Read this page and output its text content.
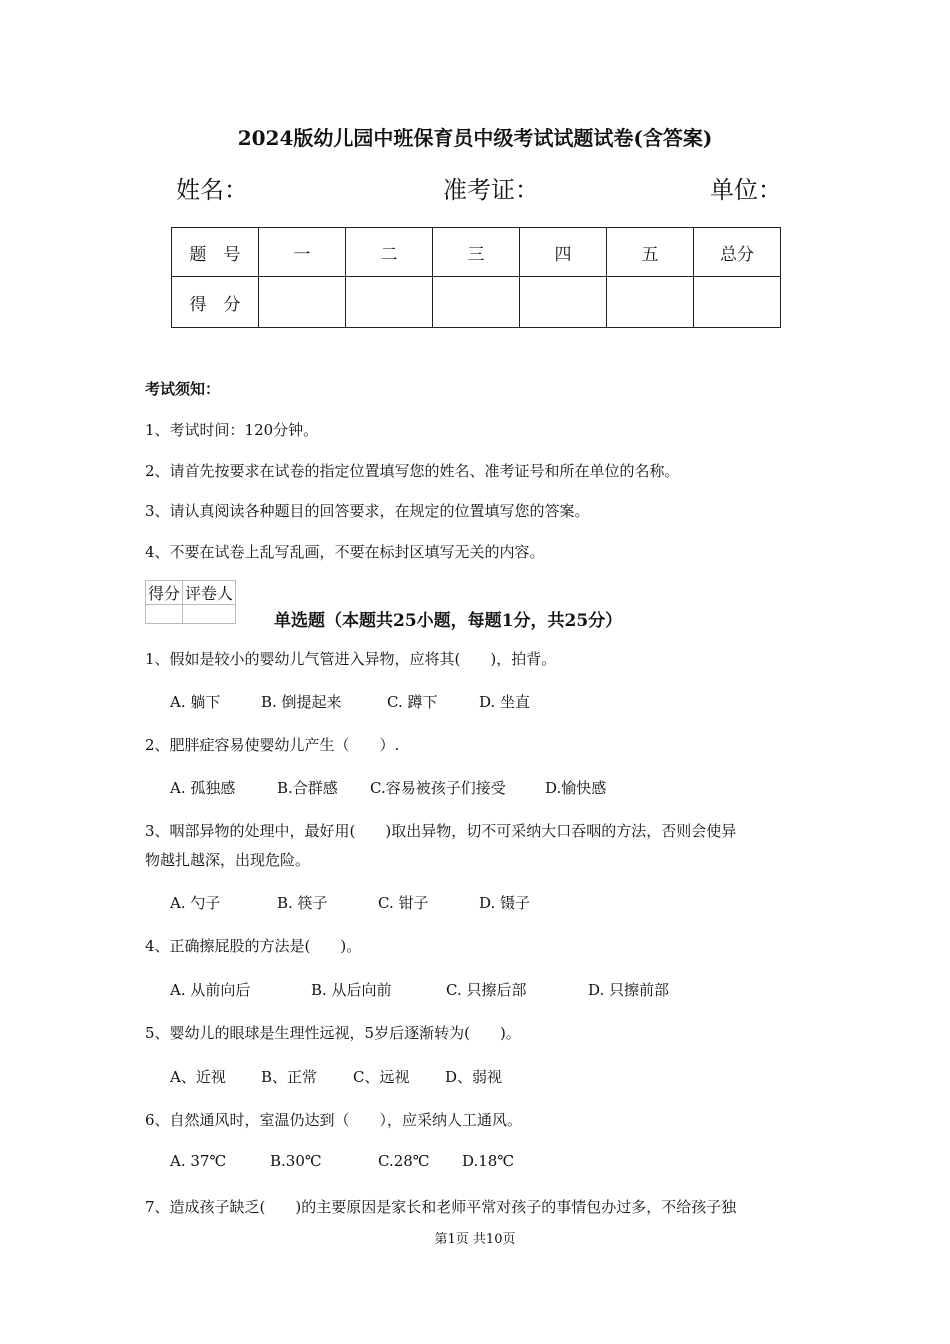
2024版幼儿园中班保育员中级考试试题试卷(含答案)
姓名：	准考证：	单位：
题　号	一	二	三	四	五	总分
得　分						
考试须知：
1、考试时间：120分钟。
2、请首先按要求在试卷的指定位置填写您的姓名、准考证号和所在单位的名称。
3、请认真阅读各种题目的回答要求，在规定的位置填写您的答案。
4、不要在试卷上乱写乱画，不要在标封区填写无关的内容。
得分	评卷人

单选题（本题共25小题，每题1分，共25分）
1、假如是较小的婴幼儿气管进入异物，应将其(　　)，拍背。
A. 躺下	B. 倒提起来	C. 蹲下	D. 坐直
2、肥胖症容易使婴幼儿产生（　　）.
A. 孤独感	B.合群感 C.容易被孩子们接受	D.愉快感
3、咽部异物的处理中，最好用(　　)取出异物，切不可采纳大口吞咽的方法，否则会使异
物越扎越深，出现危险。
A. 勺子	B. 筷子	C. 钳子	D. 镊子
4、正确擦屁股的方法是(　　)。
A. 从前向后	B. 从后向前	C. 只擦后部	D. 只擦前部
5、婴幼儿的眼球是生理性远视，5岁后逐渐转为(　　)。
A、近视 B、正常 C、远视 D、弱视
6、自然通风时，室温仍达到（　　），应采纳人工通风。
A. 37℃	B.30℃	C.28℃ D.18℃
7、造成孩子缺乏(　　)的主要原因是家长和老师平常对孩子的事情包办过多，不给孩子独
第1页 共10页
